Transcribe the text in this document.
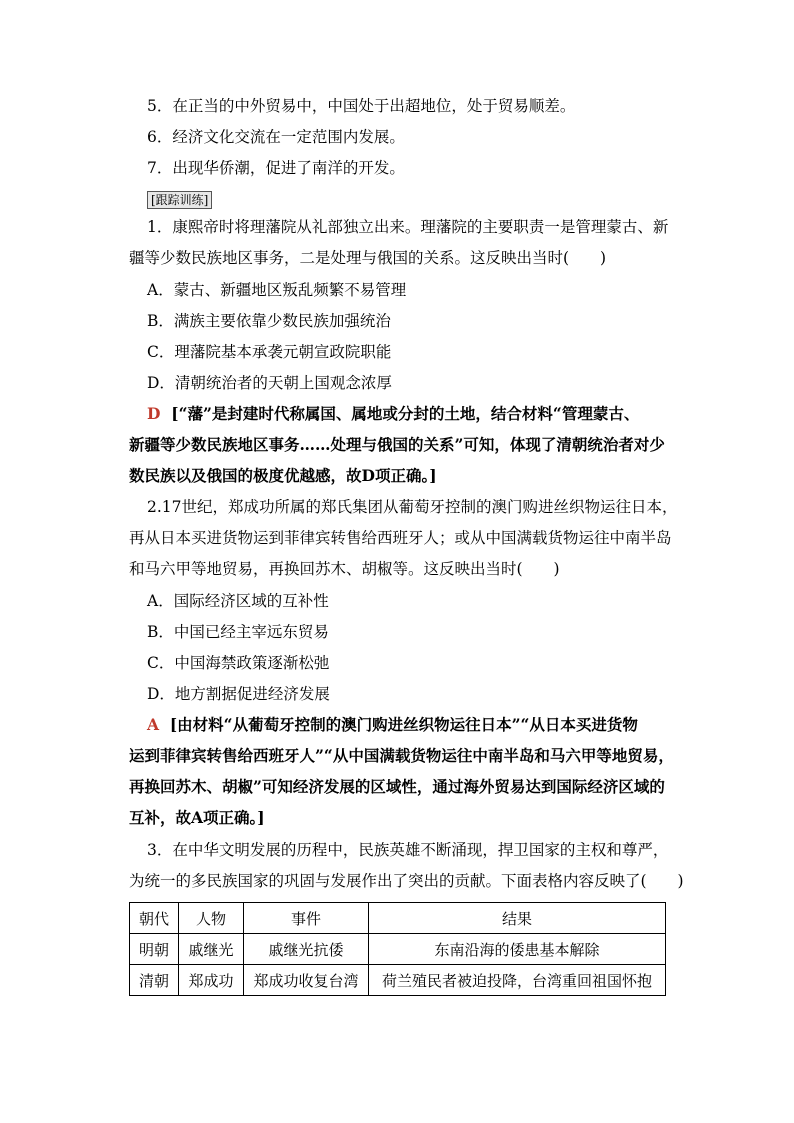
5．在正当的中外贸易中，中国处于出超地位，处于贸易顺差。
6．经济文化交流在一定范围内发展。
7．出现华侨潮，促进了南洋的开发。
[跟踪训练]
1．康熙帝时将理藩院从礼部独立出来。理藩院的主要职责一是管理蒙古、新
疆等少数民族地区事务，二是处理与俄国的关系。这反映出当时(　　)
A．蒙古、新疆地区叛乱频繁不易管理
B．满族主要依靠少数民族加强统治
C．理藩院基本承袭元朝宣政院职能
D．清朝统治者的天朝上国观念浓厚
D [“藩”是封建时代称属国、属地或分封的土地，结合材料“管理蒙古、
新疆等少数民族地区事务……处理与俄国的关系”可知，体现了清朝统治者对少
数民族以及俄国的极度优越感，故D项正确。]
2.17世纪，郑成功所属的郑氏集团从葡萄牙控制的澳门购进丝织物运往日本，
再从日本买进货物运到菲律宾转售给西班牙人；或从中国满载货物运往中南半岛
和马六甲等地贸易，再换回苏木、胡椒等。这反映出当时(　　)
A．国际经济区域的互补性
B．中国已经主宰远东贸易
C．中国海禁政策逐渐松弛
D．地方割据促进经济发展
A [由材料“从葡萄牙控制的澳门购进丝织物运往日本”“从日本买进货物
运到菲律宾转售给西班牙人”“从中国满载货物运往中南半岛和马六甲等地贸易，
再换回苏木、胡椒”可知经济发展的区域性，通过海外贸易达到国际经济区域的
互补，故A项正确。]
3．在中华文明发展的历程中，民族英雄不断涌现，捍卫国家的主权和尊严，
为统一的多民族国家的巩固与发展作出了突出的贡献。下面表格内容反映了(　　)
朝代	人物	事件	结果
明朝	戚继光	戚继光抗倭	东南沿海的倭患基本解除
清朝	郑成功	郑成功收复台湾	荷兰殖民者被迫投降，台湾重回祖国怀抱
